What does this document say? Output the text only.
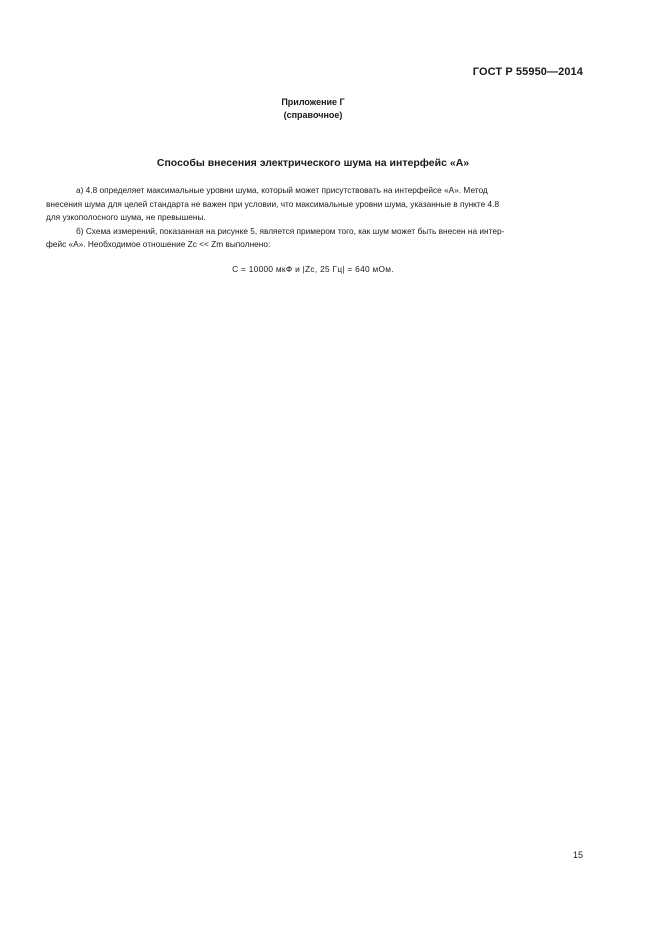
ГОСТ Р 55950—2014
Приложение Г
(справочное)
Способы внесения электрического шума на интерфейс «A»

а) 4.8 определяет максимальные уровни шума, который может присутствовать на интерфейсе «A». Метод
внесения шума для целей стандарта не важен при условии, что максимальные уровни шума, указанные в пункте 4.8
для узкополосного шума, не превышены.

б) Схема измерений, показанная на рисунке 5, является примером того, как шум может быть внесен на интер-
фейс «A». Необходимое отношение Zc << Zm выполнено:

C = 10000 мкФ и |Zc, 25 Гц| = 640 мОм.
15
